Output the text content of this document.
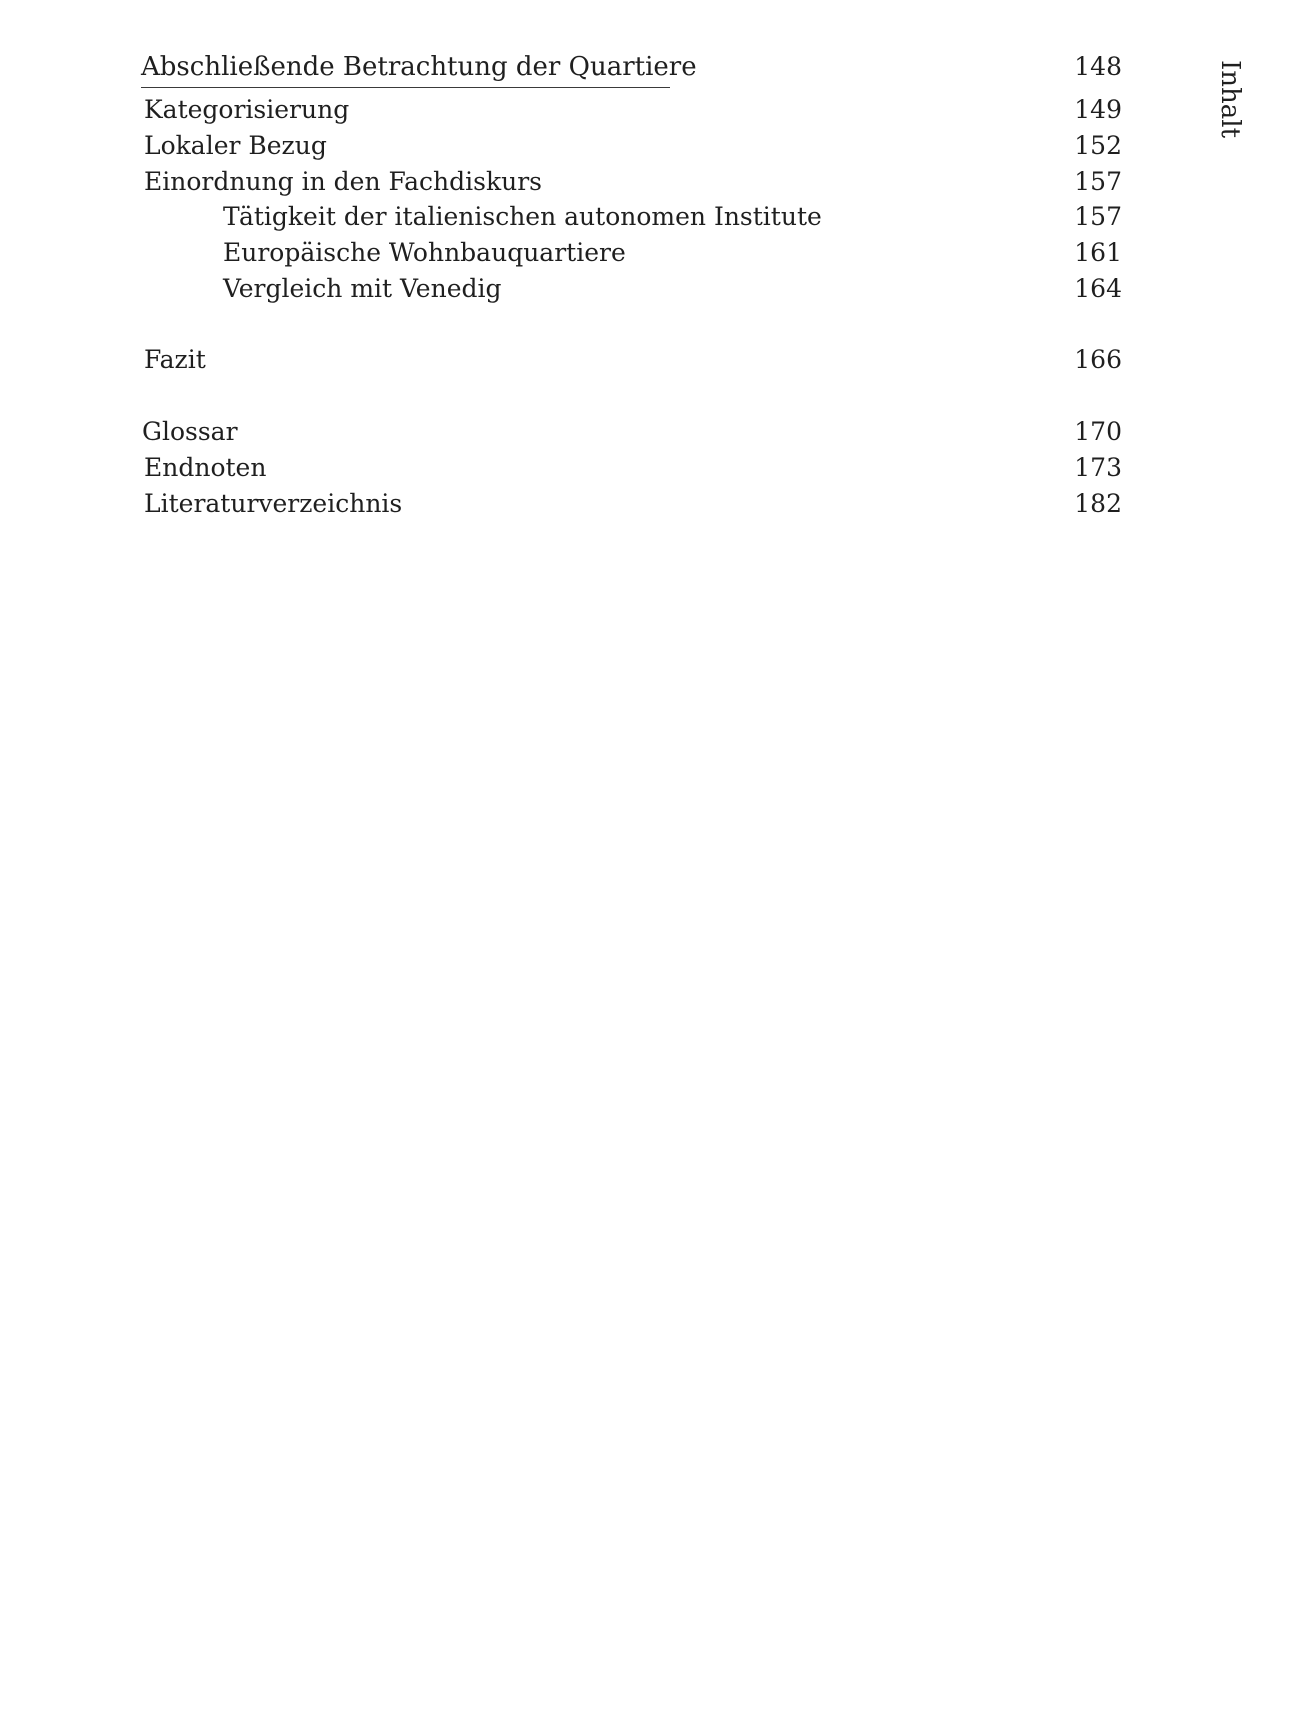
Abschließende Betrachtung der Quartiere	148
Kategorisierung	149
Lokaler Bezug	152
Einordnung in den Fachdiskurs	157
Tätigkeit der italienischen autonomen Institute	157
Europäische Wohnbauquartiere	161
Vergleich mit Venedig	164
Fazit	166
Glossar	170
Endnoten	173
Literaturverzeichnis	182
Inhalt
